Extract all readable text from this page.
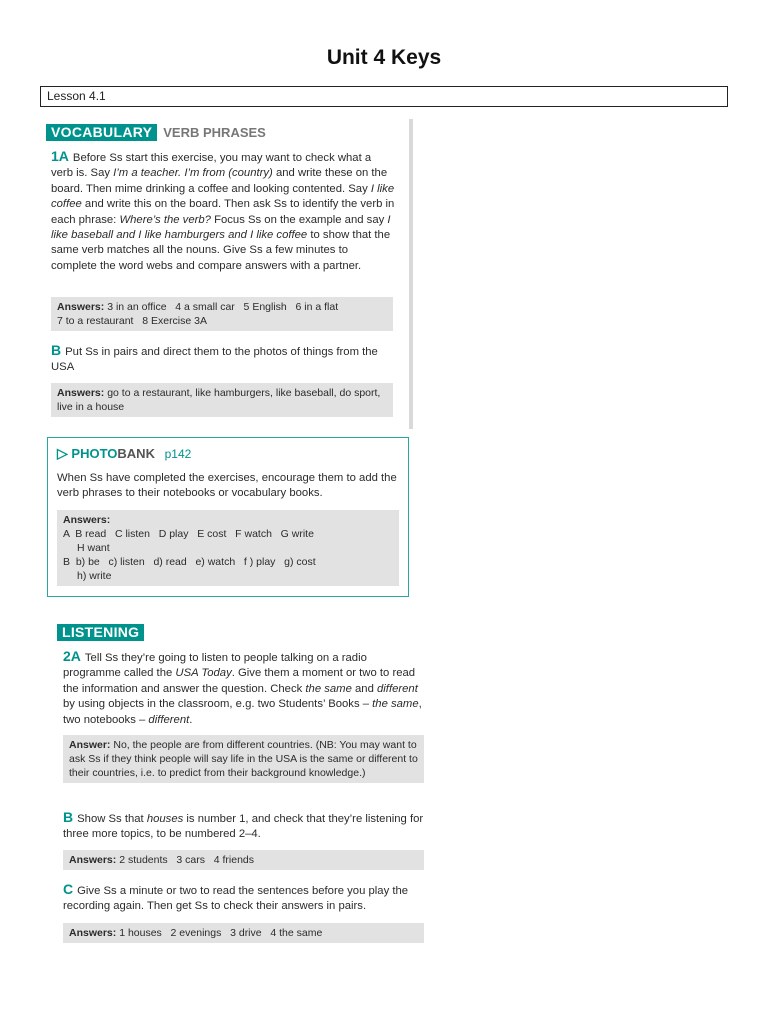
Unit 4 Keys
Lesson 4.1
VOCABULARY VERB PHRASES

1A Before Ss start this exercise, you may want to check what a verb is. Say I’m a teacher. I’m from (country) and write these on the board. Then mime drinking a coffee and looking contented. Say I like coffee and write this on the board. Then ask Ss to identify the verb in each phrase: Where’s the verb? Focus Ss on the example and say I like baseball and I like hamburgers and I like coffee to show that the same verb matches all the nouns. Give Ss a few minutes to complete the word webs and compare answers with a partner.

Answers: 3 in an office   4 a small car   5 English   6 in a flat
7 to a restaurant   8 Exercise 3A

B Put Ss in pairs and direct them to the photos of things from the USA

Answers: go to a restaurant, like hamburgers, like baseball, do sport, live in a house
▷ PHOTOBANK p142
When Ss have completed the exercises, encourage them to add the verb phrases to their notebooks or vocabulary books.
Answers:
A  B read   C listen   D play   E cost   F watch   G write
H want
B  b) be   c) listen   d) read   e) watch   f ) play   g) cost
h) write
LISTENING

2A Tell Ss they’re going to listen to people talking on a radio programme called the USA Today. Give them a moment or two to read the information and answer the question. Check the same and different by using objects in the classroom, e.g. two Students’ Books – the same, two notebooks – different.

Answer: No, the people are from different countries. (NB: You may want to ask Ss if they think people will say life in the USA is the same or different to their countries, i.e. to predict from their background knowledge.)

B Show Ss that houses is number 1, and check that they’re listening for three more topics, to be numbered 2–4.

Answers: 2 students   3 cars   4 friends

C Give Ss a minute or two to read the sentences before you play the recording again. Then get Ss to check their answers in pairs.

Answers: 1 houses   2 evenings   3 drive   4 the same
